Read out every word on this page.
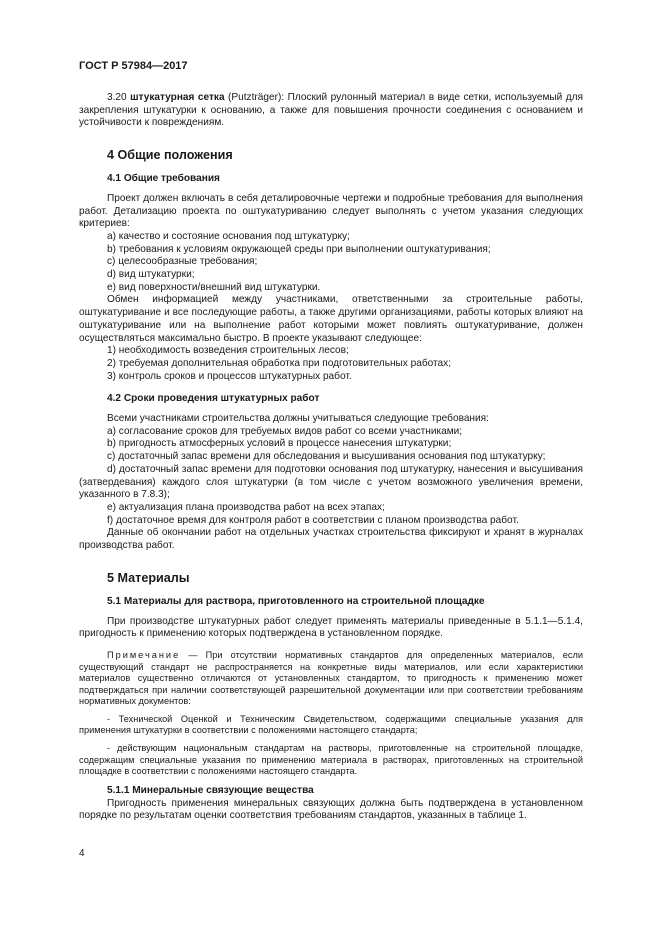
ГОСТ Р 57984—2017

3.20 штукатурная сетка (Putzträger): Плоский рулонный материал в виде сетки, используемый для закрепления штукатурки к основанию, а также для повышения прочности соединения с основанием и устойчивости к повреждениям.

4 Общие положения

4.1 Общие требования

Проект должен включать в себя деталировочные чертежи и подробные требования для выполнения работ. Детализацию проекта по оштукатуриванию следует выполнять с учетом указания следующих критериев:

a) качество и состояние основания под штукатурку;

b) требования к условиям окружающей среды при выполнении оштукатуривания;

c) целесообразные требования;

d) вид штукатурки;

e) вид поверхности/внешний вид штукатурки.

Обмен информацией между участниками, ответственными за строительные работы, оштукатуривание и все последующие работы, а также другими организациями, работы которых влияют на оштукатуривание или на выполнение работ которыми может повлиять оштукатуривание, должен осуществляться максимально быстро. В проекте указывают следующее:

1) необходимость возведения строительных лесов;

2) требуемая дополнительная обработка при подготовительных работах;

3) контроль сроков и процессов штукатурных работ.

4.2 Сроки проведения штукатурных работ

Всеми участниками строительства должны учитываться следующие требования:

a) согласование сроков для требуемых видов работ со всеми участниками;

b) пригодность атмосферных условий в процессе нанесения штукатурки;

c) достаточный запас времени для обследования и высушивания основания под штукатурку;

d) достаточный запас времени для подготовки основания под штукатурку, нанесения и высушивания (затвердевания) каждого слоя штукатурки (в том числе с учетом возможного увеличения времени, указанного в 7.8.3);

e) актуализация плана производства работ на всех этапах;

f) достаточное время для контроля работ в соответствии с планом производства работ.

Данные об окончании работ на отдельных участках строительства фиксируют и хранят в журналах производства работ.

5 Материалы

5.1 Материалы для раствора, приготовленного на строительной площадке

При производстве штукатурных работ следует применять материалы приведенные в 5.1.1—5.1.4, пригодность к применению которых подтверждена в установленном порядке.

Примечание — При отсутствии нормативных стандартов для определенных материалов, если существующий стандарт не распространяется на конкретные виды материалов, или если характеристики материалов существенно отличаются от установленных стандартом, то пригодность к применению может подтверждаться при наличии соответствующей разрешительной документации или при соответствии требованиям нормативных документов:

- Технической Оценкой и Техническим Свидетельством, содержащими специальные указания для применения штукатурки в соответствии с положениями настоящего стандарта;

- действующим национальным стандартам на растворы, приготовленные на строительной площадке, содержащим специальные указания по применению материала в растворах, приготовленных на строительной площадке в соответствии с положениями настоящего стандарта.

5.1.1 Минеральные связующие вещества

Пригодность применения минеральных связующих должна быть подтверждена в установленном порядке по результатам оценки соответствия требованиям стандартов, указанных в таблице 1.

4
